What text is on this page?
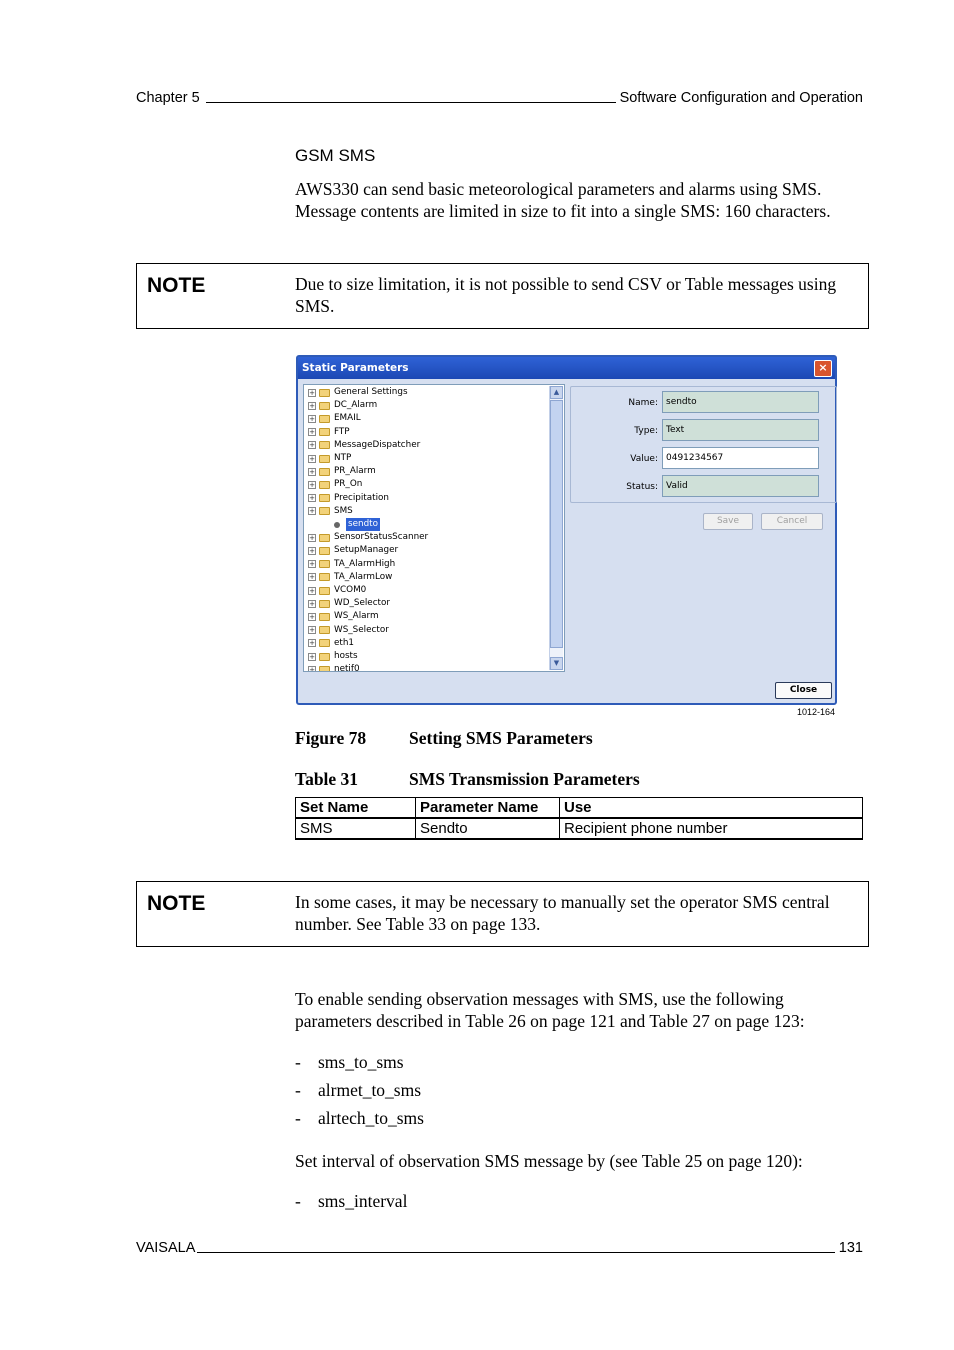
Chapter 5	Software Configuration and Operation
GSM SMS
AWS330 can send basic meteorological parameters and alarms using SMS. Message contents are limited in size to fit into a single SMS: 160 characters.
NOTE	Due to size limitation, it is not possible to send CSV or Table messages using SMS.
Static Parameters	×
+ General Settings
+ DC_Alarm
+ EMAIL
+ FTP
+ MessageDispatcher
+ NTP
+ PR_Alarm
+ PR_On
+ Precipitation
+ SMS
sendto
+ SensorStatusScanner
+ SetupManager
+ TA_AlarmHigh
+ TA_AlarmLow
+ VCOM0
+ WD_Selector
+ WS_Alarm
+ WS_Selector
+ eth1
+ hosts
+ netif0
▲
▼
Name: sendto
Type: Text
Value: 0491234567
Status: Valid
Save	Cancel
Close
1012-164
Figure 78 Setting SMS Parameters
Table 31	SMS Transmission Parameters
Set Name	Parameter Name	Use
SMS	Sendto	Recipient phone number
NOTE	In some cases, it may be necessary to manually set the operator SMS central number. See Table 33 on page 133.
To enable sending observation messages with SMS, use the following parameters described in Table 26 on page 121 and Table 27 on page 123:
- sms_to_sms
- alrmet_to_sms
- alrtech_to_sms
Set interval of observation SMS message by (see Table 25 on page 120):
- sms_interval
VAISALA	131
